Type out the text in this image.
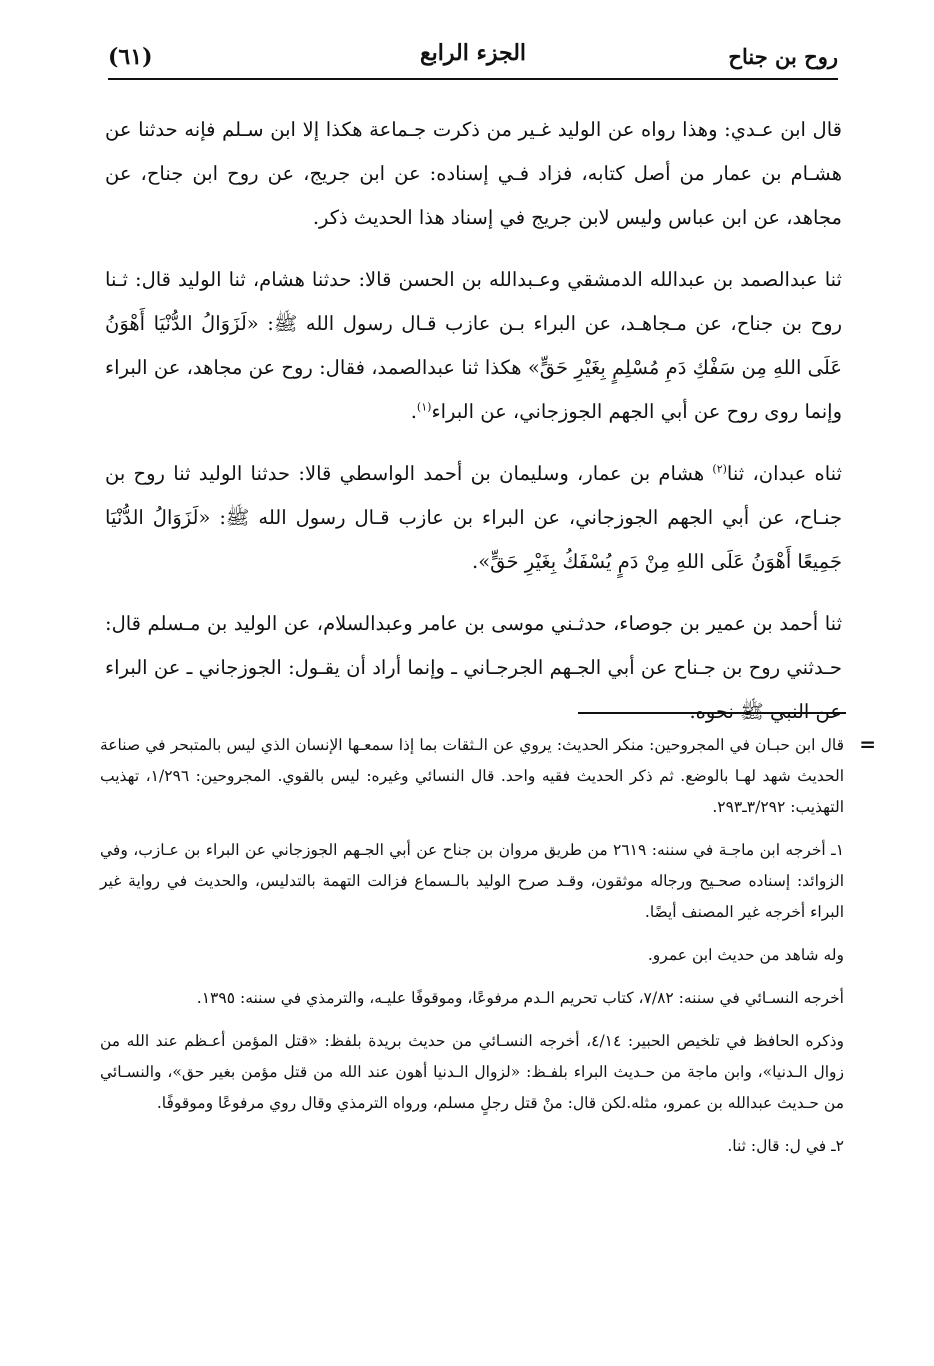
روح بن جناح
الجزء الرابع
(٦١)

قال ابن عـدي: وهذا رواه عن الوليد غـير من ذكرت جـماعة هكذا إلا ابن سـلم فإنه حدثنا عن هشـام بن عمار من أصل كتابه، فزاد فـي إسناده: عن ابن جريج، عن روح ابن جناح، عن مجاهد، عن ابن عباس وليس لابن جريج في إسناد هذا الحديث ذكر.

ثنا عبدالصمد بن عبدالله الدمشقي وعـبدالله بن الحسن قالا: حدثنا هشام، ثنا الوليد قال: ثـنا روح بن جناح، عن مـجاهـد، عن البراء بـن عازب قـال رسول الله ﷺ: «لَزَوَالُ الدُّنْيَا أَهْوَنُ عَلَى اللهِ مِن سَفْكِ دَمِ مُسْلِمٍ بِغَيْرِ حَقٍّ» هكذا ثنا عبدالصمد، فقال: روح عن مجاهد، عن البراء وإنما روى روح عن أبي الجهم الجوزجاني، عن البراء$^{(١)}$.

ثناه عبدان، ثنا$^{(٢)}$ هشام بن عمار، وسليمان بن أحمد الواسطي قالا: حدثنا الوليد ثنا روح بن جنـاح، عن أبي الجهم الجوزجاني، عن البراء بن عازب قـال رسول الله ﷺ: «لَزَوَالُ الدُّنْيَا جَمِيعًا أَهْوَنُ عَلَى اللهِ مِنْ دَمٍ يُسْفَكُ بِغَيْرِ حَقٍّ».

ثنا أحمد بن عمير بن جوصاء، حدثـني موسى بن عامر وعبدالسلام، عن الوليد بن مـسلم قال: حـدثني روح بن جـناح عن أبي الجـهم الجرجـاني ـ وإنما أراد أن يقـول: الجوزجاني ـ عن البراء عن النبي ﷺ نحوه.

=

قال ابن حبـان في المجروحين: منكر الحديث: يروي عن الـثقات بما إذا سمعـها الإنسان الذي ليس بالمتبحر في صناعة الحديث شهد لهـا بالوضع. ثم ذكر الحديث فقيه واحد. قال النسائي وغيره: ليس بالقوي. المجروحين: ١/٢٩٦، تهذيب التهذيب: ٣/٢٩٢ـ٢٩٣.

١ـ أخرجه ابن ماجـة في سننه: ٢٦١٩ من طريق مروان بن جناح عن أبي الجـهم الجوزجاني عن البراء بن عـازب، وفي الزوائد: إسناده صحـيح ورجاله موثقون، وقـد صرح الوليد بالـسماع فزالت التهمة بالتدليس، والحديث في رواية غير البراء أخرجه غير المصنف أيضًا.

وله شاهد من حديث ابن عمرو.

أخرجه النسـائي في سننه: ٧/٨٢، كتاب تحريم الـدم مرفوعًا، وموقوفًا عليـه، والترمذي في سننه: ١٣٩٥.

وذكره الحافظ في تلخيص الحبير: ٤/١٤، أخرجه النسـائي من حديث بريدة بلفظ: «قتل المؤمن أعـظم عند الله من زوال الـدنيا»، وابن ماجة من حـديث البراء بلفـظ: «لزوال الـدنيا أهون عند الله من قتل مؤمن بغير حق»، والنسـائي من حـديث عبدالله بن عمرو، مثله.لكن قال: منْ قتل رجلٍ مسلم، ورواه الترمذي وقال روي مرفوعًا وموقوفًا.

٢ـ في ل: قال: ثنا.
